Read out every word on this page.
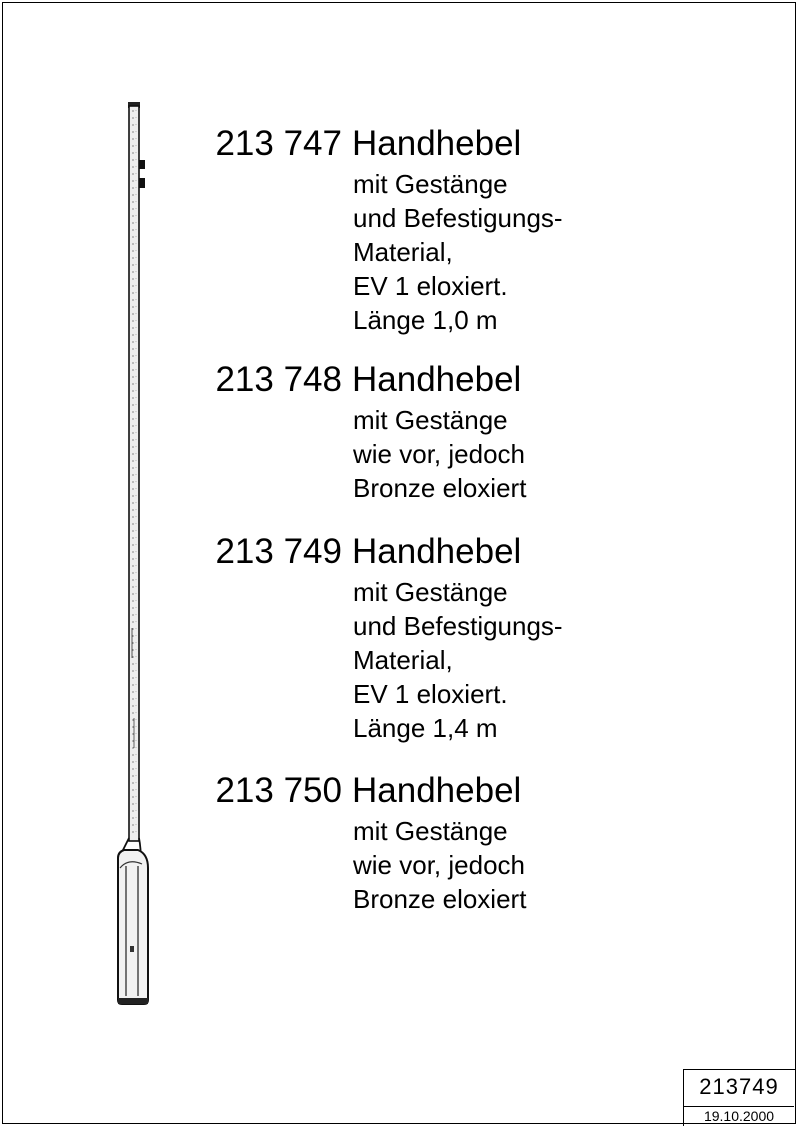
213 747 Handhebel
mit Gestänge
und Befestigungs-
Material,
EV 1 eloxiert.
Länge 1,0 m
213 748 Handhebel
mit Gestänge
wie vor, jedoch
Bronze eloxiert
213 749 Handhebel
mit Gestänge
und Befestigungs-
Material,
EV 1 eloxiert.
Länge 1,4 m
213 750 Handhebel
mit Gestänge
wie vor, jedoch
Bronze eloxiert
213749
19.10.2000
